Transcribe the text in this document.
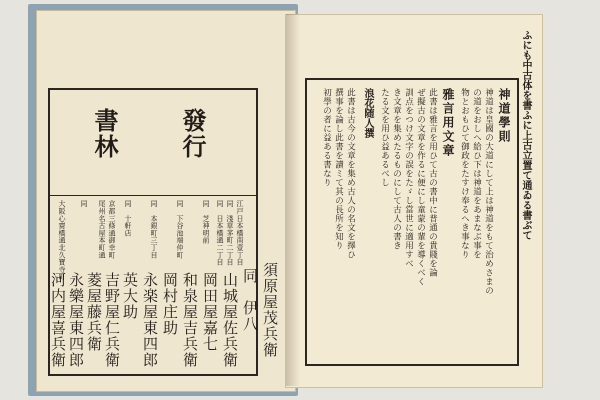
發行
書林
江戸日本橋南壹丁目
同　淺草茅町二丁目
同　日本橋通二丁目
同　芝神明前
同　下谷池端仲町
同　本銀町三丁目
同　十軒店
京都三條通御幸町
尾州名古屋本町通
同
大阪心齋橋通北久寶寺町
須原屋茂兵衛
同　伊八
山城屋佐兵衛
岡田屋嘉七
和泉屋吉兵衛
岡村庄助
永楽屋東四郎
英大助
吉野屋仁兵衛
菱屋藤兵衛
永樂屋東四郎
河内屋喜兵衛
ふにも中古体を書ふに上古立置て通ゐる書ぶて
神道學則
神道は皇國の大道にして上は神道をもて治めさまの
の道をおしへ給ひ下は神道をあまなぶ事を
物とおもひて御政をたすけ奉るへき事なり
雅言用文章
此書は雅言を用ひて古の書中に普通の貴賤を論
ぜ擬古の文章を作るに便にし童蒙の輩を導くべく
訓点をつけ文字の誤をたゞし當世に適用すべ
き文章を集めたるものにして古人の書き
たる文を用ひ益あるべし
浪花随人撰
此書は古今の文章を集め古人の名文を擇ひ
撰事を論し此書を讀ミて其の長所を知り
初學の者に益ある書なり
